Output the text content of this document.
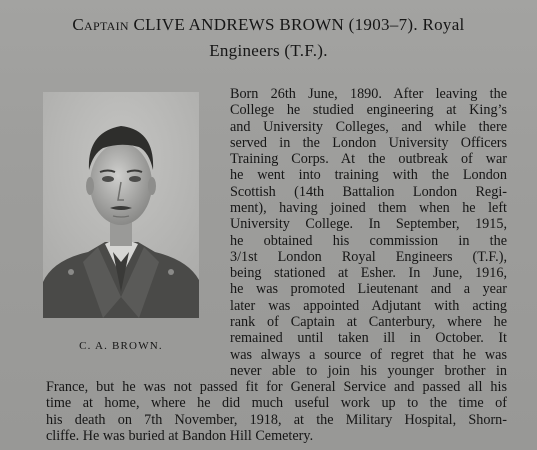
Captain CLIVE ANDREWS BROWN (1903–7). Royal
Engineers (T.F.).
C. A. BROWN.
Born 26th June, 1890. After leaving the
College he studied engineering at King’s
and University Colleges, and while there
served in the London University Officers
Training Corps. At the outbreak of war
he went into training with the London
Scottish (14th Battalion London Regi-
ment), having joined them when he left
University College. In September, 1915,
he obtained his commission in the
3/1st London Royal Engineers (T.F.),
being stationed at Esher. In June, 1916,
he was promoted Lieutenant and a year
later was appointed Adjutant with acting
rank of Captain at Canterbury, where he
remained until taken ill in October. It
was always a source of regret that he was
never able to join his younger brother in
France, but he was not passed fit for General Service and passed all his
time at home, where he did much useful work up to the time of
his death on 7th November, 1918, at the Military Hospital, Shorn-
cliffe. He was buried at Bandon Hill Cemetery.
